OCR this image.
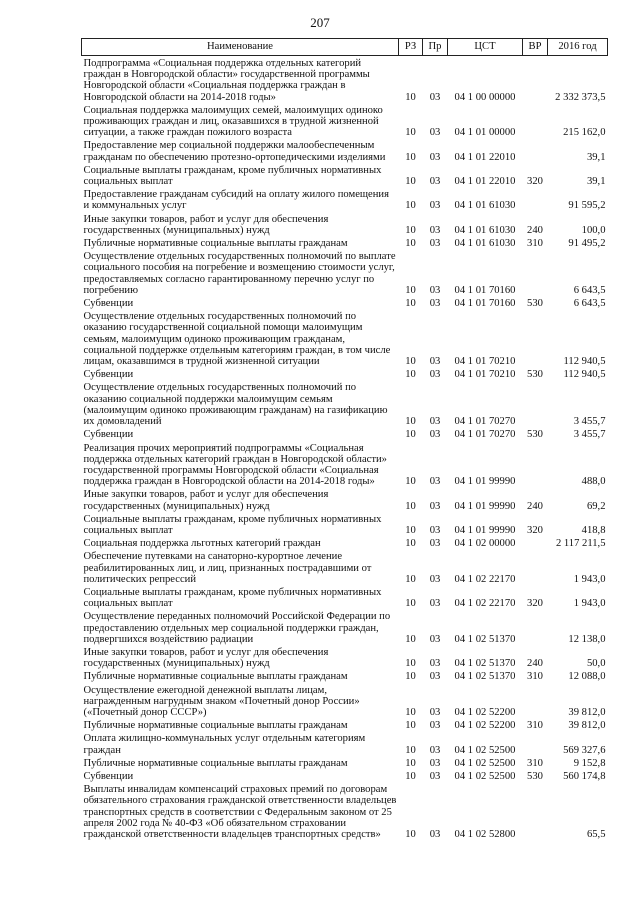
207
Наименование	РЗ	Пр	ЦСТ	ВР	2016 год
Подпрограмма «Социальная поддержка отдельных категорий граждан в Новгородской области» государственной программы Новгородской области «Социальная поддержка граждан в Новгородской области на 2014-2018 годы»	10	03	04 1 00 00000		2 332 373,5
Социальная поддержка малоимущих семей, малоимущих одиноко проживающих граждан и лиц, оказавшихся в трудной жизненной ситуации, а также граждан пожилого возраста	10	03	04 1 01 00000		215 162,0
Предоставление мер социальной поддержки малообеспеченным гражданам по обеспечению протезно-ортопедическими изделиями	10	03	04 1 01 22010		39,1
Социальные выплаты гражданам, кроме публичных нормативных социальных выплат	10	03	04 1 01 22010	320	39,1
Предоставление гражданам субсидий на оплату жилого помещения и коммунальных услуг	10	03	04 1 01 61030		91 595,2
Иные закупки товаров, работ и услуг для обеспечения государственных (муниципальных) нужд	10	03	04 1 01 61030	240	100,0
Публичные нормативные социальные выплаты гражданам	10	03	04 1 01 61030	310	91 495,2
Осуществление отдельных государственных полномочий по выплате социального пособия на погребение и возмещению стоимости услуг, предоставляемых согласно гарантированному перечню услуг по погребению	10	03	04 1 01 70160		6 643,5
Субвенции	10	03	04 1 01 70160	530	6 643,5
Осуществление отдельных государственных полномочий по оказанию государственной социальной помощи малоимущим семьям, малоимущим одиноко проживающим гражданам, социальной поддержке отдельным категориям граждан, в том числе лицам, оказавшимся в трудной жизненной ситуации	10	03	04 1 01 70210		112 940,5
Субвенции	10	03	04 1 01 70210	530	112 940,5
Осуществление отдельных государственных полномочий по оказанию социальной поддержки малоимущим семьям (малоимущим одиноко проживающим гражданам) на газификацию их домовладений	10	03	04 1 01 70270		3 455,7
Субвенции	10	03	04 1 01 70270	530	3 455,7
Реализация прочих мероприятий подпрограммы «Социальная поддержка отдельных категорий граждан в Новгородской области» государственной программы Новгородской области «Социальная поддержка граждан в Новгородской области на 2014-2018 годы»	10	03	04 1 01 99990		488,0
Иные закупки товаров, работ и услуг для обеспечения государственных (муниципальных) нужд	10	03	04 1 01 99990	240	69,2
Социальные выплаты гражданам, кроме публичных нормативных социальных выплат	10	03	04 1 01 99990	320	418,8
Социальная поддержка льготных категорий граждан	10	03	04 1 02 00000		2 117 211,5
Обеспечение путевками на санаторно-курортное лечение реабилитированных лиц, и лиц, признанных пострадавшими от политических репрессий	10	03	04 1 02 22170		1 943,0
Социальные выплаты гражданам, кроме публичных нормативных социальных выплат	10	03	04 1 02 22170	320	1 943,0
Осуществление переданных полномочий Российской Федерации по предоставлению отдельных мер социальной поддержки граждан, подвергшихся воздействию радиации	10	03	04 1 02 51370		12 138,0
Иные закупки товаров, работ и услуг для обеспечения государственных (муниципальных) нужд	10	03	04 1 02 51370	240	50,0
Публичные нормативные социальные выплаты гражданам	10	03	04 1 02 51370	310	12 088,0
Осуществление ежегодной денежной выплаты лицам, награжденным нагрудным знаком «Почетный донор России» («Почетный донор СССР»)	10	03	04 1 02 52200		39 812,0
Публичные нормативные социальные выплаты гражданам	10	03	04 1 02 52200	310	39 812,0
Оплата жилищно-коммунальных услуг отдельным категориям граждан	10	03	04 1 02 52500		569 327,6
Публичные нормативные социальные выплаты гражданам	10	03	04 1 02 52500	310	9 152,8
Субвенции	10	03	04 1 02 52500	530	560 174,8
Выплаты инвалидам компенсаций страховых премий по договорам обязательного страхования гражданской ответственности владельцев транспортных средств в соответствии с Федеральным законом от 25 апреля 2002 года № 40-ФЗ «Об обязательном страховании гражданской ответственности владельцев транспортных средств»	10	03	04 1 02 52800		65,5
